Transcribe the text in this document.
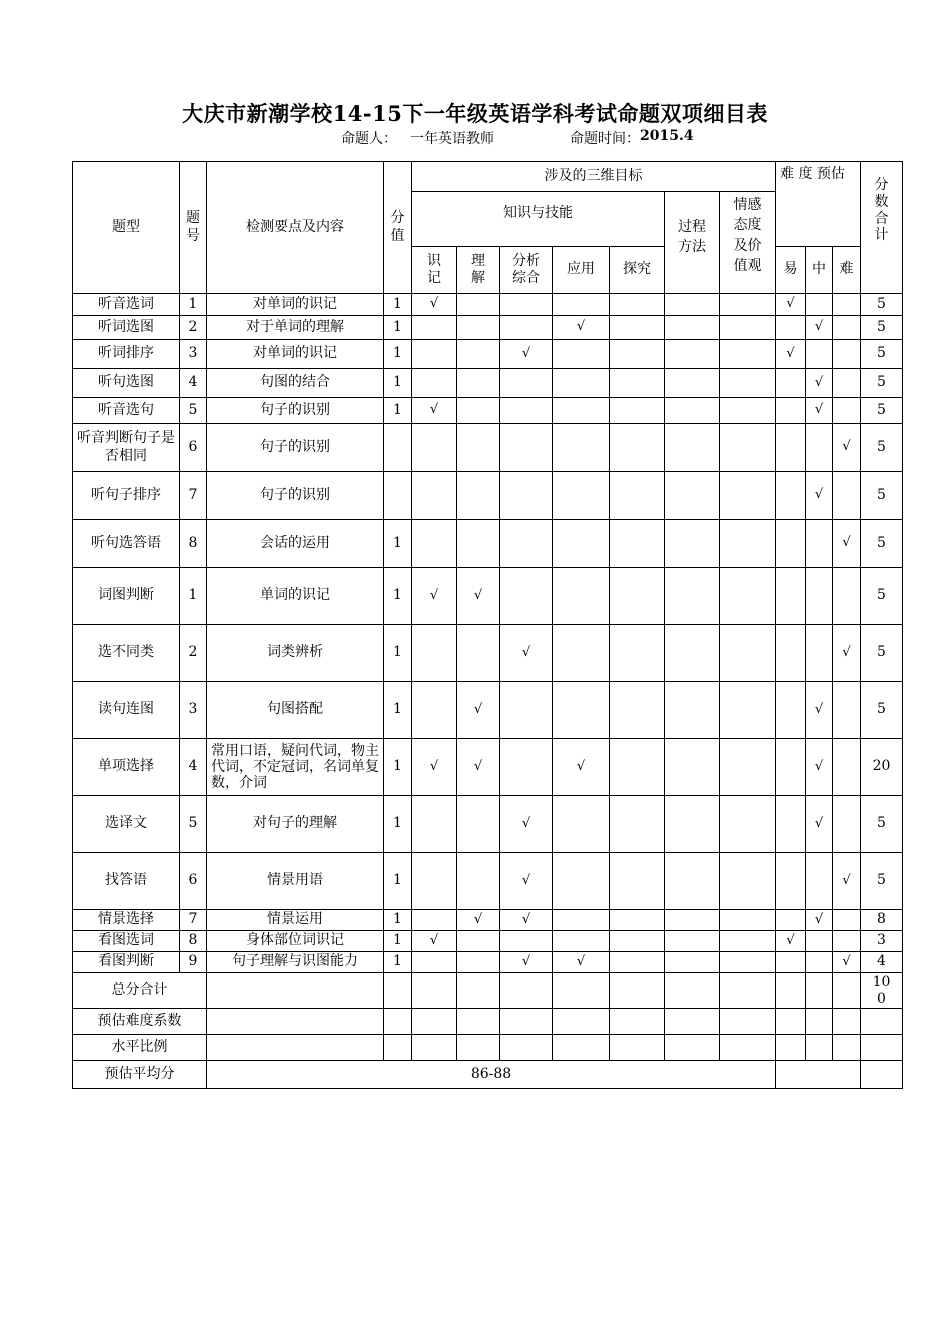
大庆市新潮学校14-15下一年级英语学科考试命题双项细目表
命题人： 一年英语教师	命题时间： 2015.4
题型	题号	检测要点及内容	分值	涉及的三维目标							难 度 预估			分数合计

				知识与技能					过程方法	情感态度及价值观				

				识记	理解	分析综合	应用	探究			易	中	难	
听音选词	1	对单词的识记	1	√							√			5
听词选图	2	对于单词的理解	1				√					√		5
听词排序	3	对单词的识记	1			√					√			5
听句选图	4	句图的结合	1									√		5
听音选句	5	句子的识别	1	√								√		5
听音判断句子是否相同	6	句子的识别											√	5
听句子排序	7	句子的识别										√		5
听句选答语	8	会话的运用	1										√	5
词图判断	1	单词的识记	1	√	√									5
选不同类	2	词类辨析	1			√							√	5
读句连图	3	句图搭配	1		√							√		5
单项选择	4	常用口语，疑问代词，物主代词，不定冠词，名词单复数，介词	1	√	√		√					√		20
选译文	5	对句子的理解	1			√						√		5
找答语	6	情景用语	1			√							√	5
情景选择	7	情景运用	1		√	√						√		8
看图选词	8	身体部位词识记	1	√							√			3
看图判断	9	句子理解与识图能力	1			√	√						√	4
总分合计														100

预估难度系数														
水平比例														
预估平均分		86-88												
